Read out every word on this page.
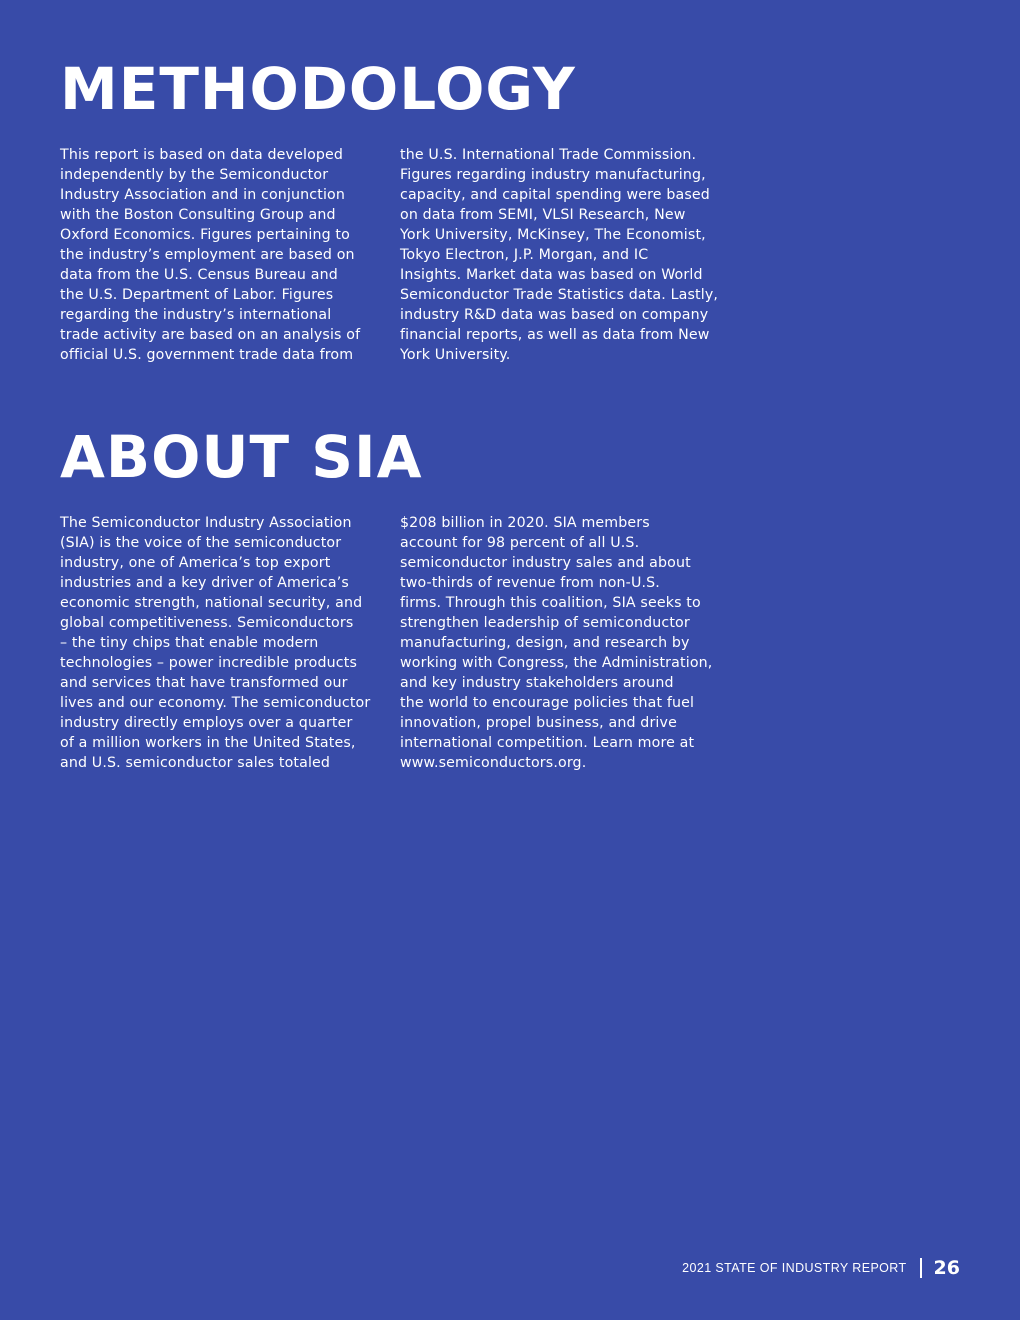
METHODOLOGY

This report is based on data developed
independently by the Semiconductor
Industry Association and in conjunction
with the Boston Consulting Group and
Oxford Economics. Figures pertaining to
the industry’s employment are based on
data from the U.S. Census Bureau and
the U.S. Department of Labor. Figures
regarding the industry’s international
trade activity are based on an analysis of
official U.S. government trade data from

the U.S. International Trade Commission.
Figures regarding industry manufacturing,
capacity, and capital spending were based
on data from SEMI, VLSI Research, New
York University, McKinsey, The Economist,
Tokyo Electron, J.P. Morgan, and IC
Insights. Market data was based on World
Semiconductor Trade Statistics data. Lastly,
industry R&D data was based on company
financial reports, as well as data from New
York University.

ABOUT SIA

The Semiconductor Industry Association
(SIA) is the voice of the semiconductor
industry, one of America’s top export
industries and a key driver of America’s
economic strength, national security, and
global competitiveness. Semiconductors
– the tiny chips that enable modern
technologies – power incredible products
and services that have transformed our
lives and our economy. The semiconductor
industry directly employs over a quarter
of a million workers in the United States,
and U.S. semiconductor sales totaled

$208 billion in 2020. SIA members
account for 98 percent of all U.S.
semiconductor industry sales and about
two-thirds of revenue from non-U.S.
firms. Through this coalition, SIA seeks to
strengthen leadership of semiconductor
manufacturing, design, and research by
working with Congress, the Administration,
and key industry stakeholders around
the world to encourage policies that fuel
innovation, propel business, and drive
international competition. Learn more at
www.semiconductors.org.

2021 STATE OF INDUSTRY REPORT 26
